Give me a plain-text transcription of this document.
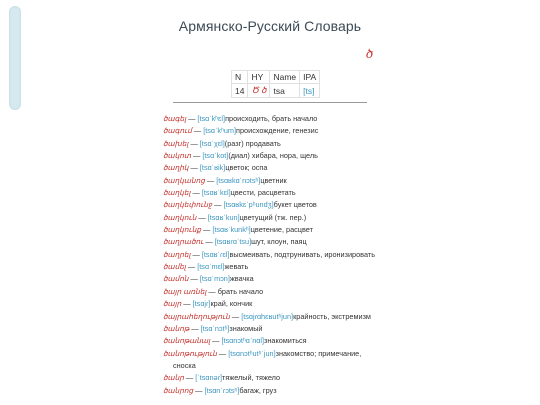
Армянско-Русский Словарь
ծ
N	HY	Name	IPA
14	Ծ ծ	tsa	[ts]
ծագել — [tsɑˈkʰɛl]происходить, брать начало
ծագում — [tsɑˈkʰum]происхождение, генезис
ծախել — [tsɑˈχɛl](разг) продавать
ծակոտ — [tsɑˈkot](диал) хибара, нора, щель
ծաղիկ — [tsɑˈʁik]цветок; оспа
ծաղկանոց — [tsɑʁkɑˈnɔtsʰ]цветник
ծաղկել — [tsɑʁˈkɛl]цвести, расцветать
ծաղկեփունջ — [tsɑʁkɛˈpʰundʒ]букет цветов
ծաղկուն — [tsɑʁˈkun]цветущий (тж. пер.)
ծաղկունք — [tsɑʁˈkunkʰ]цветение, расцвет
ծաղրածու — [tsɑʁɾɑˈtsu]шут, клоун, паяц
ծաղրել — [tsɑʁˈɾɛl]высмеивать, подтрунивать, иронизировать
ծամել — [tsɑˈmɛl]жевать
ծամոն — [tsɑˈmɔn]жвачка
ծայր առնել — брать начало
ծայր — [tsɑjɾ]край, кончик
ծայրահեղություն — [tsɑjɾɑhɛʁutʰjun]крайность, экстремизм
ծանոթ — [tsɑˈnɔtʰ]знакомый
ծանոթանալ — [tsɑnɔtʰɑˈnɑl]знакомиться
ծանոթություն — [tsɑnɔtʰutʰˈjun]знакомство; примечание, сноска
ծանր — [ˈtsɑnəɾ]тяжелый, тяжело
ծանրոց — [tsɑnˈɾɔtsʰ]багаж, груз
